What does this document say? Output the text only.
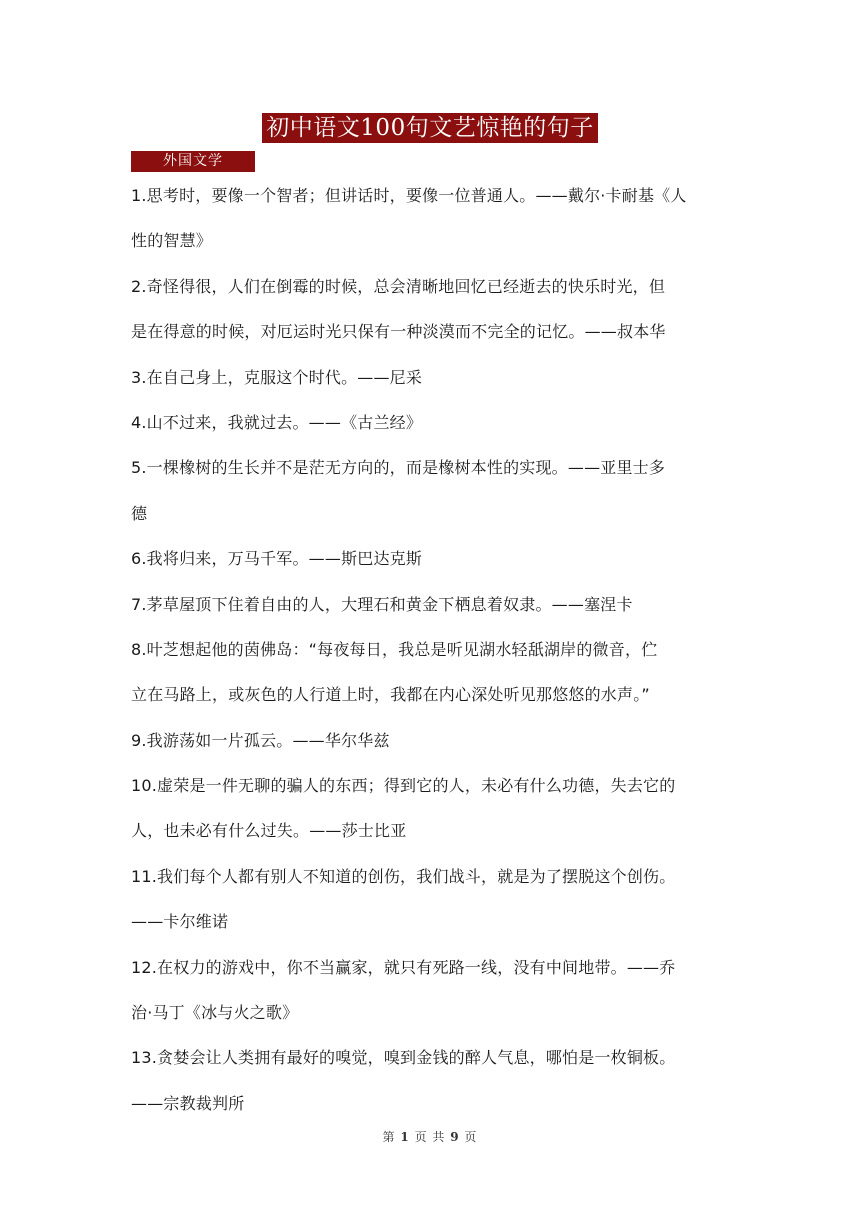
初中语文100句文艺惊艳的句子
外国文学
1.思考时，要像一个智者；但讲话时，要像一位普通人。——戴尔·卡耐基《人
性的智慧》
2.奇怪得很，人们在倒霉的时候，总会清晰地回忆已经逝去的快乐时光，但
是在得意的时候，对厄运时光只保有一种淡漠而不完全的记忆。——叔本华
3.在自己身上，克服这个时代。——尼采
4.山不过来，我就过去。——《古兰经》
5.一棵橡树的生长并不是茫无方向的，而是橡树本性的实现。——亚里士多
德
6.我将归来，万马千军。——斯巴达克斯
7.茅草屋顶下住着自由的人，大理石和黄金下栖息着奴隶。——塞涅卡
8.叶芝想起他的茵佛岛：“每夜每日，我总是听见湖水轻舐湖岸的微音，伫
立在马路上，或灰色的人行道上时，我都在内心深处听见那悠悠的水声。”
9.我游荡如一片孤云。——华尔华兹
10.虚荣是一件无聊的骗人的东西；得到它的人，未必有什么功德，失去它的
人，也未必有什么过失。——莎士比亚
11.我们每个人都有别人不知道的创伤，我们战斗，就是为了摆脱这个创伤。
——卡尔维诺
12.在权力的游戏中，你不当赢家，就只有死路一线，没有中间地带。——乔
治·马丁《冰与火之歌》
13.贪婪会让人类拥有最好的嗅觉，嗅到金钱的醉人气息，哪怕是一枚铜板。
——宗教裁判所
第 1 页 共 9 页
